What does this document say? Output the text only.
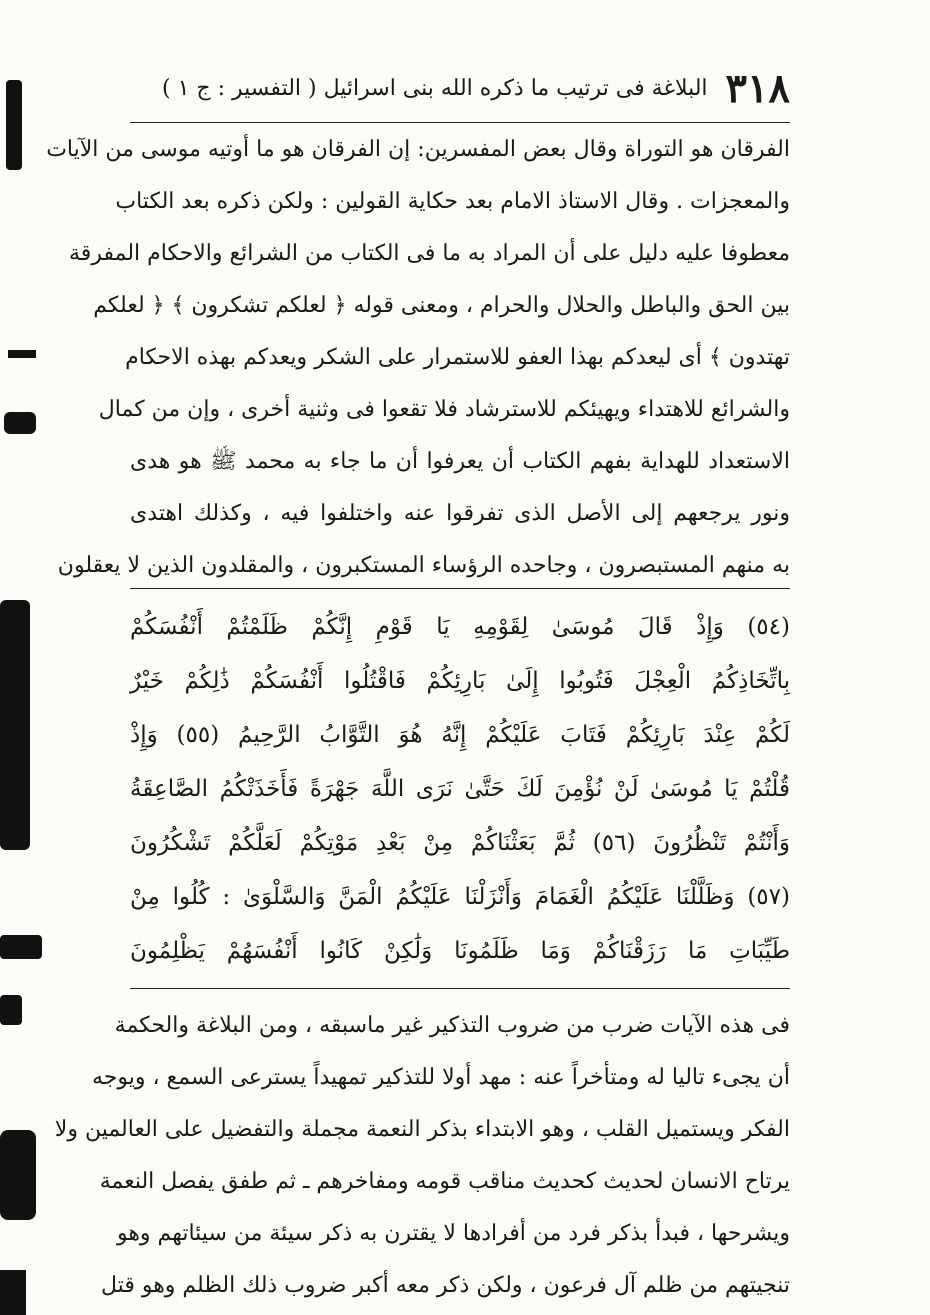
٣١٨
البلاغة فى ترتيب ما ذكره الله بنى اسرائيل ( التفسير : ج ١ )
الفرقان هو التوراة وقال بعض المفسرين: إن الفرقان هو ما أوتيه موسى من الآيات
والمعجزات . وقال الاستاذ الامام بعد حكاية القولين : ولكن ذكره بعد الكتاب
معطوفا عليه دليل على أن المراد به ما فى الكتاب من الشرائع والاحكام المفرقة
بين الحق والباطل والحلال والحرام ، ومعنى قوله ﴿ لعلكم تشكرون ﴾ ﴿ لعلكم
تهتدون ﴾ أى ليعدكم بهذا العفو للاستمرار على الشكر ويعدكم بهذه الاحكام
والشرائع للاهتداء ويهيئكم للاسترشاد فلا تقعوا فى وثنية أخرى ، وإن من كمال
الاستعداد للهداية بفهم الكتاب أن يعرفوا أن ما جاء به محمد ﷺ هو هدى
ونور يرجعهم إلى الأصل الذى تفرقوا عنه واختلفوا فيه ، وكذلك اهتدى
به منهم المستبصرون ، وجاحده الرؤساء المستكبرون ، والمقلدون الذين لا يعقلون
(٥٤) وَإِذْ قَالَ مُوسَىٰ لِقَوْمِهِ يَا قَوْمِ إِنَّكُمْ ظَلَمْتُمْ أَنْفُسَكُمْ
بِاتِّخَاذِكُمُ الْعِجْلَ فَتُوبُوا إِلَىٰ بَارِئِكُمْ فَاقْتُلُوا أَنْفُسَكُمْ ذَٰلِكُمْ خَيْرٌ
لَكُمْ عِنْدَ بَارِئِكُمْ فَتَابَ عَلَيْكُمْ إِنَّهُ هُوَ التَّوَّابُ الرَّحِيمُ (٥٥) وَإِذْ
قُلْتُمْ يَا مُوسَىٰ لَنْ نُؤْمِنَ لَكَ حَتَّىٰ نَرَى اللَّهَ جَهْرَةً فَأَخَذَتْكُمُ الصَّاعِقَةُ
وَأَنْتُمْ تَنْظُرُونَ (٥٦) ثُمَّ بَعَثْنَاكُمْ مِنْ بَعْدِ مَوْتِكُمْ لَعَلَّكُمْ تَشْكُرُونَ
(٥٧) وَظَلَّلْنَا عَلَيْكُمُ الْغَمَامَ وَأَنْزَلْنَا عَلَيْكُمُ الْمَنَّ وَالسَّلْوَىٰ : كُلُوا مِنْ
طَيِّبَاتِ مَا رَزَقْنَاكُمْ وَمَا ظَلَمُونَا وَلَٰكِنْ كَانُوا أَنْفُسَهُمْ يَظْلِمُونَ
فى هذه الآيات ضرب من ضروب التذكير غير ماسبقه ، ومن البلاغة والحكمة
أن يجىء تاليا له ومتأخراً عنه : مهد أولا للتذكير تمهيداً يسترعى السمع ، ويوجه
الفكر ويستميل القلب ، وهو الابتداء بذكر النعمة مجملة والتفضيل على العالمين ولا
يرتاح الانسان لحديث كحديث مناقب قومه ومفاخرهم ـ ثم طفق يفصل النعمة
ويشرحها ، فبدأ بذكر فرد من أفرادها لا يقترن به ذكر سيئة من سيئاتهم وهو
تنجيتهم من ظلم آل فرعون ، ولكن ذكر معه أكبر ضروب ذلك الظلم وهو قتل
